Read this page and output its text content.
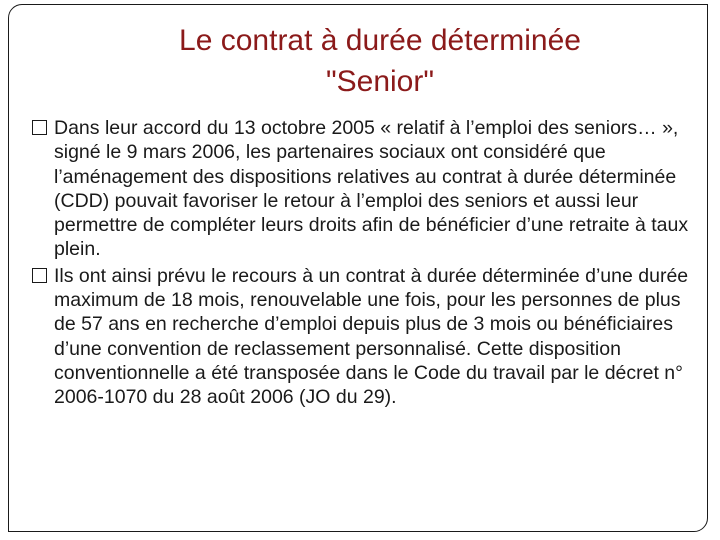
Le contrat à durée déterminée
"Senior"
Dans leur accord du 13 octobre 2005 « relatif à l’emploi des seniors… », signé le 9 mars 2006, les partenaires sociaux ont considéré que l’aménagement des dispositions relatives au contrat à durée déterminée (CDD) pouvait favoriser le retour à l’emploi des seniors et aussi leur permettre de compléter leurs droits afin de bénéficier d’une retraite à taux plein.
Ils ont ainsi prévu le recours à un contrat à durée déterminée d’une durée maximum de 18 mois, renouvelable une fois, pour les personnes de plus de 57 ans en recherche d’emploi depuis plus de 3 mois ou bénéficiaires d’une convention de reclassement personnalisé. Cette disposition conventionnelle a été transposée dans le Code du travail par le décret n° 2006-1070 du 28 août 2006 (JO du 29).
